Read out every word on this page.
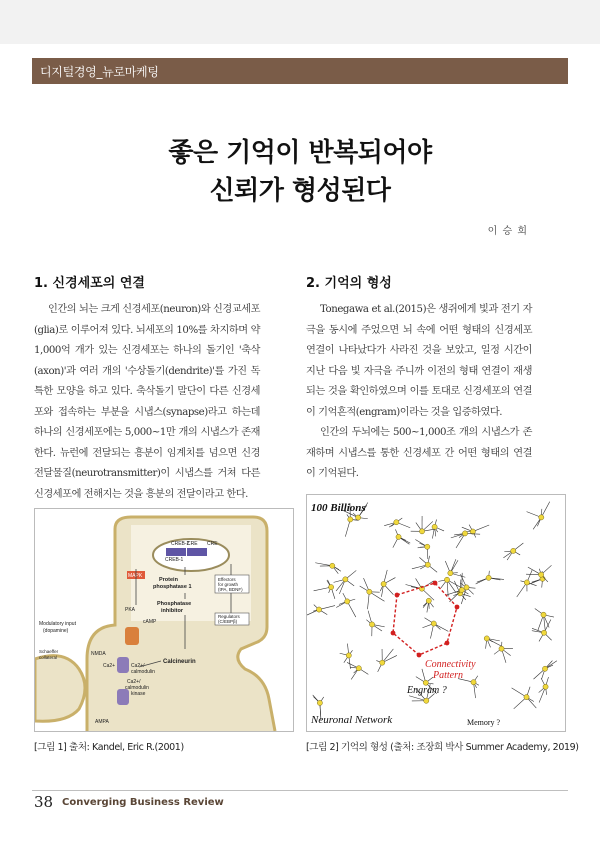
디지털경영_뉴로마케팅
좋은 기억이 반복되어야
신뢰가 형성된다
이 승 희
1. 신경세포의 연결

인간의 뇌는 크게 신경세포(neuron)와 신경교세포(glia)로 이루어져 있다. 뇌세포의 10%를 차지하며 약 1,000억 개가 있는 신경세포는 하나의 돌기인 '축삭(axon)'과 여러 개의 '수상돌기(dendrite)'를 가진 독특한 모양을 하고 있다. 축삭돌기 말단이 다른 신경세포와 접속하는 부분을 시냅스(synapse)라고 하는데 하나의 신경세포에는 5,000~1만 개의 시냅스가 존재한다. 뉴런에 전달되는 흥분이 임계치를 넘으면 신경전달물질(neurotransmitter)이 시냅스를 거쳐 다른 신경세포에 전해지는 것을 흥분의 전달이라고 한다.

2. 기억의 형성

Tonegawa et al.(2015)은 생쥐에게 빛과 전기 자극을 동시에 주었으면 뇌 속에 어떤 형태의 신경세포 연결이 나타났다가 사라진 것을 보았고, 일정 시간이 지난 다음 빛 자극을 주니까 이전의 형태 연결이 재생되는 것을 확인하였으며 이를 토대로 신경세포의 연결이 기억흔적(engram)이라는 것을 입증하였다.

인간의 두뇌에는 500~1,000조 개의 시냅스가 존재하며 시냅스를 통한 신경세포 간 어떤 형태의 연결이 기억된다.

CREB-2
CRE CRE
CREB-1
MAPK
Protein
phosphatase 1
Effectors
for growth
(tPA, BDNF)
PKA
Phosphatase
inhibitor
cAMP
Regulators
(C/EBPβ)
Modulatory input
(dopamine)
Schaeffer
collateral
NMDA
Ca2+	Ca2+/
calmodulin
Calcineurin
Ca2+/
calmodulin
kinase
AMPA
[그림 1] 출처: Kandel, Eric R.(2001)
100 Billions
Connectivity
Pattern
Engram ?
Neuronal Network	Memory ?
[그림 2] 기억의 형성 (출처: 조장희 박사 Summer Academy, 2019)
38 Converging Business Review
